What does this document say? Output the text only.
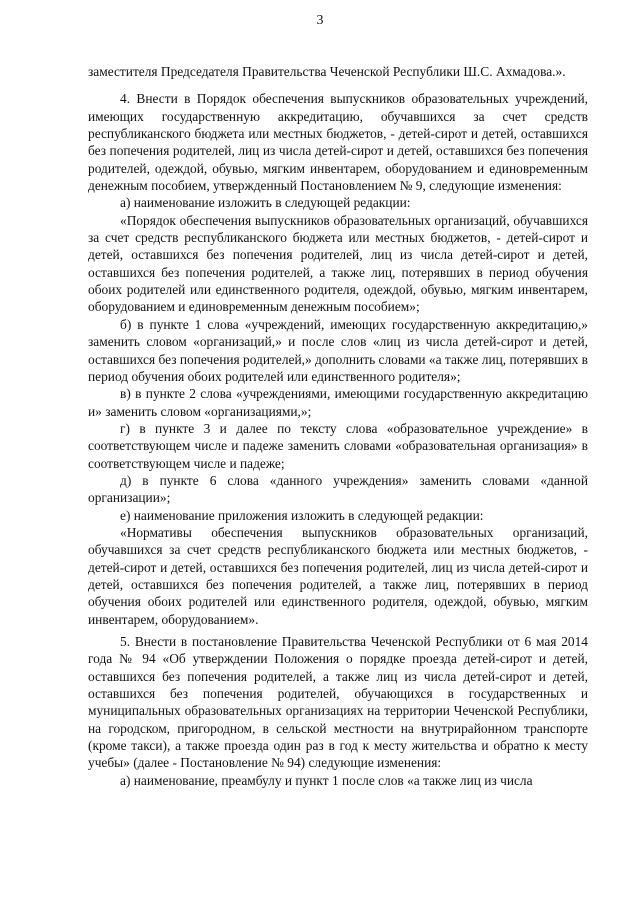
3

заместителя Председателя Правительства Чеченской Республики Ш.С. Ахмадова.».

4. Внести в Порядок обеспечения выпускников образовательных учреждений, имеющих государственную аккредитацию, обучавшихся за счет средств республиканского бюджета или местных бюджетов, - детей-сирот и детей, оставшихся без попечения родителей, лиц из числа детей-сирот и детей, оставшихся без попечения родителей, одеждой, обувью, мягким инвентарем, оборудованием и единовременным денежным пособием, утвержденный Постановлением № 9, следующие изменения:

а) наименование изложить в следующей редакции:

«Порядок обеспечения выпускников образовательных организаций, обучавшихся за счет средств республиканского бюджета или местных бюджетов, - детей-сирот и детей, оставшихся без попечения родителей, лиц из числа детей-сирот и детей, оставшихся без попечения родителей, а также лиц, потерявших в период обучения обоих родителей или единственного родителя, одеждой, обувью, мягким инвентарем, оборудованием и единовременным денежным пособием»;

б) в пункте 1 слова «учреждений, имеющих государственную аккредитацию,» заменить словом «организаций,» и после слов «лиц из числа детей-сирот и детей, оставшихся без попечения родителей,» дополнить словами «а также лиц, потерявших в период обучения обоих родителей или единственного родителя»;

в) в пункте 2 слова «учреждениями, имеющими государственную аккредитацию и» заменить словом «организациями,»;

г) в пункте 3 и далее по тексту слова «образовательное учреждение» в соответствующем числе и падеже заменить словами «образовательная организация» в соответствующем числе и падеже;

д) в пункте 6 слова «данного учреждения» заменить словами «данной организации»;

е) наименование приложения изложить в следующей редакции:

«Нормативы обеспечения выпускников образовательных организаций, обучавшихся за счет средств республиканского бюджета или местных бюджетов, - детей-сирот и детей, оставшихся без попечения родителей, лиц из числа детей-сирот и детей, оставшихся без попечения родителей, а также лиц, потерявших в период обучения обоих родителей или единственного родителя, одеждой, обувью, мягким инвентарем, оборудованием».

5. Внести в постановление Правительства Чеченской Республики от 6 мая 2014 года № 94 «Об утверждении Положения о порядке проезда детей-сирот и детей, оставшихся без попечения родителей, а также лиц из числа детей-сирот и детей, оставшихся без попечения родителей, обучающихся в государственных и муниципальных образовательных организациях на территории Чеченской Республики, на городском, пригородном, в сельской местности на внутрирайонном транспорте (кроме такси), а также проезда один раз в год к месту жительства и обратно к месту учебы» (далее - Постановление № 94) следующие изменения:

а) наименование, преамбулу и пункт 1 после слов «а также лиц из числа
